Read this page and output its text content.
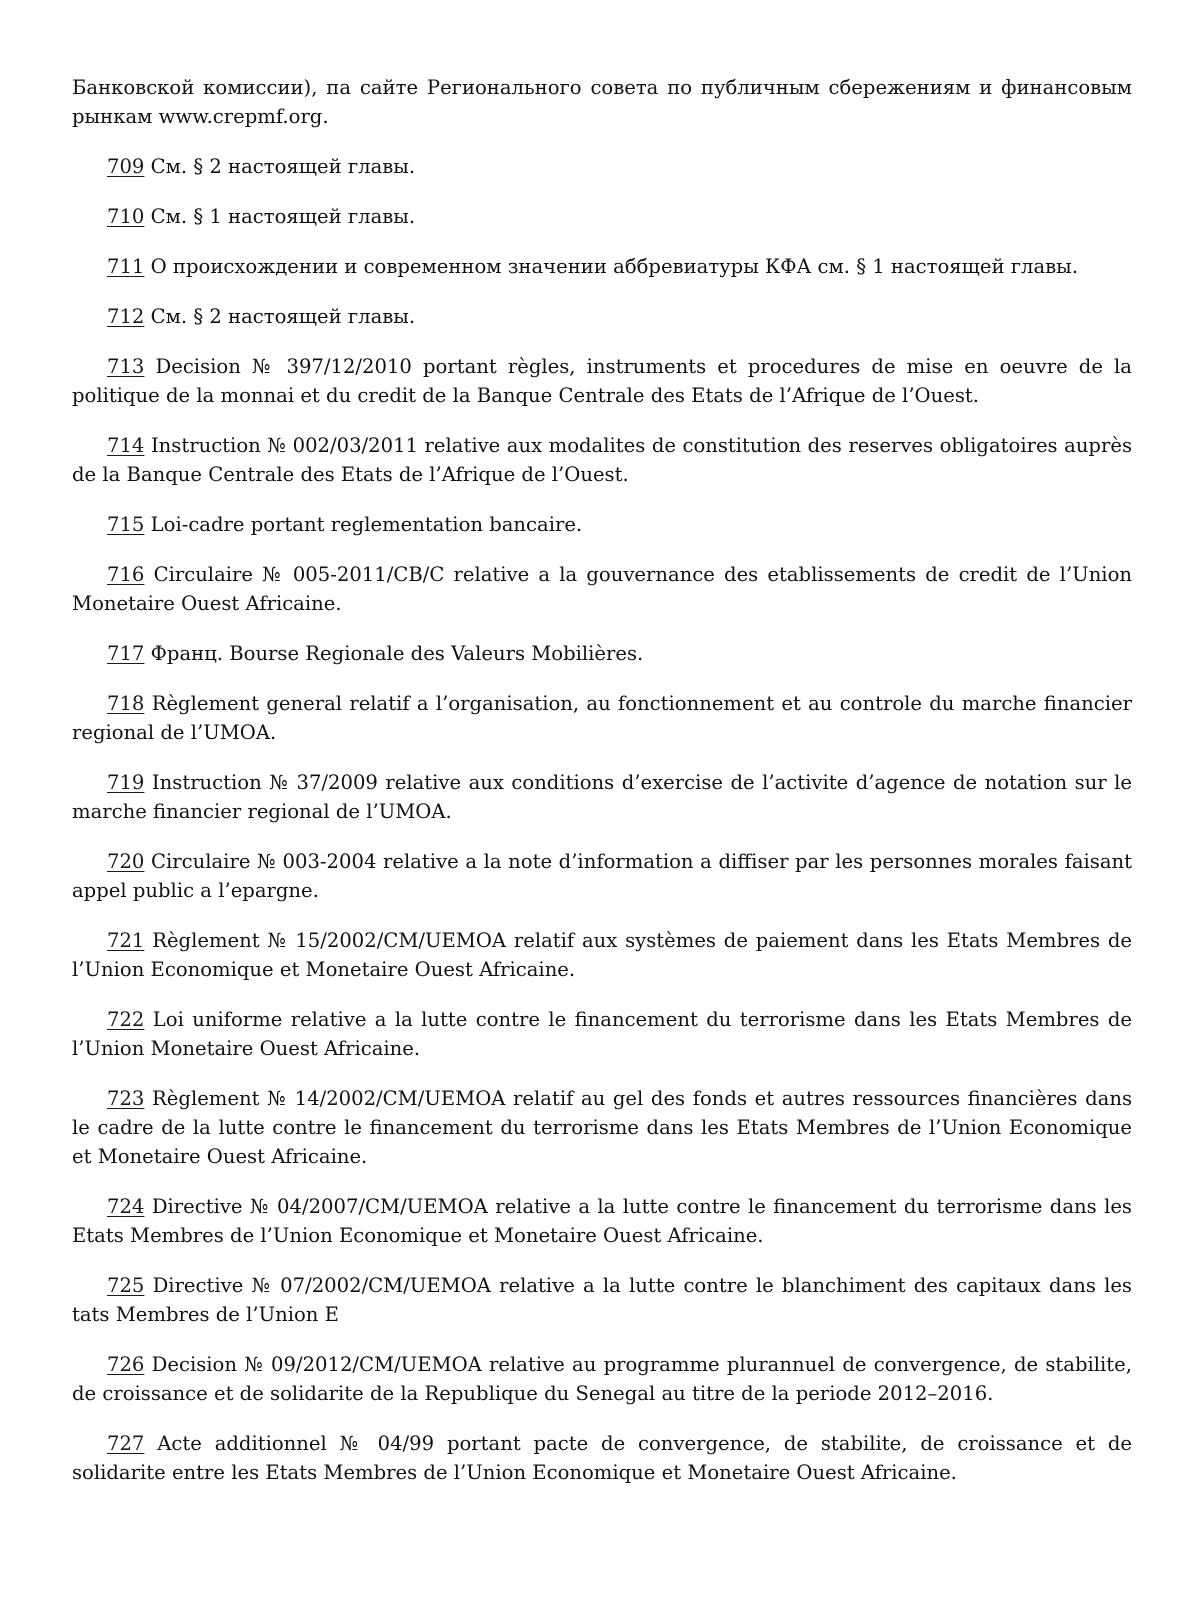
Банковской комиссии), па сайте Регионального совета по публичным сбережениям и финансовым рынкам www.crepmf.org.

709 См. § 2 настоящей главы.

710 См. § 1 настоящей главы.

711 О происхождении и современном значении аббревиатуры КФА см. § 1 настоящей главы.

712 См. § 2 настоящей главы.

713 Decision № 397/12/2010 portant règles, instruments et procedures de mise en oeuvre de la politique de la monnai et du credit de la Banque Centrale des Etats de l’Afrique de l’Ouest.

714 Instruction № 002/03/2011 relative aux modalites de constitution des reserves obligatoires auprès de la Banque Centrale des Etats de l’Afrique de l’Ouest.

715 Loi-cadre portant reglementation bancaire.

716 Circulaire № 005-2011/CB/C relative a la gouvernance des etablissements de credit de l’Union Monetaire Ouest Africaine.

717 Франц. Bourse Regionale des Valeurs Mobilières.

718 Règlement general relatif a l’organisation, au fonctionnement et au controle du marche financier regional de l’UMOA.

719 Instruction № 37/2009 relative aux conditions d’exercise de l’activite d’agence de notation sur le marche financier regional de l’UMOA.

720 Circulaire № 003-2004 relative a la note d’information a diffiser par les personnes morales faisant appel public a l’epargne.

721 Règlement № 15/2002/CM/UEMOA relatif aux systèmes de paiement dans les Etats Membres de l’Union Economique et Monetaire Ouest Africaine.

722 Loi uniforme relative a la lutte contre le financement du terrorisme dans les Etats Membres de l’Union Monetaire Ouest Africaine.

723 Règlement № 14/2002/CM/UEMOA relatif au gel des fonds et autres ressources financières dans le cadre de la lutte contre le financement du terrorisme dans les Etats Membres de l’Union Economique et Monetaire Ouest Africaine.

724 Directive № 04/2007/CM/UEMOA relative a la lutte contre le financement du terrorisme dans les Etats Membres de l’Union Economique et Monetaire Ouest Africaine.

725 Directive № 07/2002/CM/UEMOA relative a la lutte contre le blanchiment des capitaux dans les tats Membres de l’Union E

726 Decision № 09/2012/CM/UEMOA relative au programme plurannuel de convergence, de stabilite, de croissance et de solidarite de la Republique du Senegal au titre de la periode 2012–2016.

727 Acte additionnel № 04/99 portant pacte de convergence, de stabilite, de croissance et de solidarite entre les Etats Membres de l’Union Economique et Monetaire Ouest Africaine.
